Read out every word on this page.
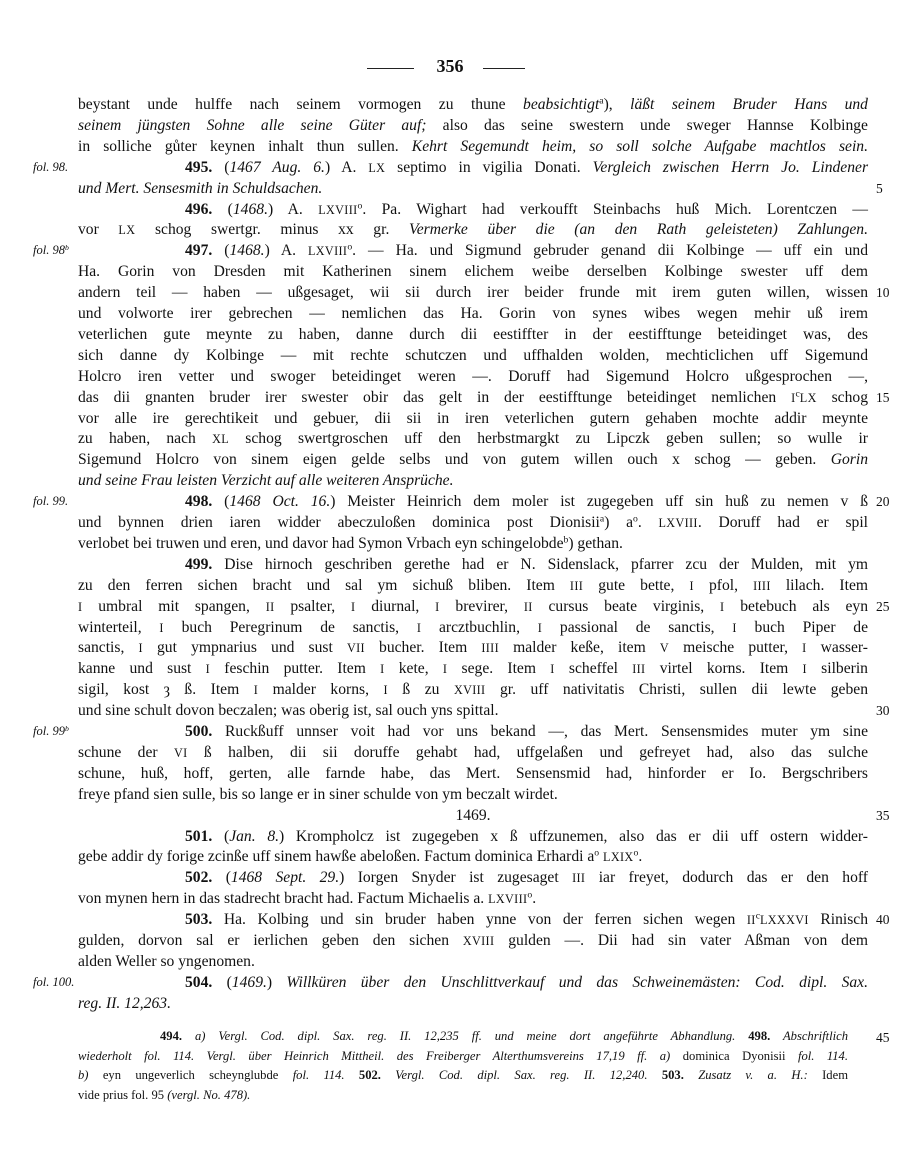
356
beystant unde hulffe nach seinem vormogen zu thune beabsichtigt$^a$), läßt seinem Bruder Hans und
seinem jüngsten Sohne alle seine Güter auf; also das seine swestern unde sweger Hannse Kolbinge
in solliche gůter keynen inhalt thun sullen. Kehrt Segemundt heim, so soll solche Aufgabe machtlos sein.
495. (1467 Aug. 6.) A. LX septimo in vigilia Donati. Vergleich zwischen Herrn Jo. Lindener
fol. 98.
und Mert. Sensesmith in Schuldsachen.	5
496. (1468.) A. LXVIII$^o$. Pa. Wighart had verkoufft Steinbachs huß Mich. Lorentczen —
vor LX schog swertgr. minus xx gr. Vermerke über die (an den Rath geleisteten) Zahlungen.
497. (1468.) A. LXVIII$^o$. — Ha. und Sigmund gebruder genand dii Kolbinge — uff ein und
fol. 98$^b$
Ha. Gorin von Dresden mit Katherinen sinem elichem weibe derselben Kolbinge swester uff dem
andern teil — haben — ußgesaget, wii sii durch irer beider frunde mit irem guten willen, wissen 10
und volworte irer gebrechen — nemlichen das Ha. Gorin von synes wibes wegen mehir uß irem
veterlichen gute meynte zu haben, danne durch dii eestiffter in der eestifftunge beteidinget was, des
sich danne dy Kolbinge — mit rechte schutczen und uffhalden wolden, mechticlichen uff Sigemund
Holcro iren vetter und swoger beteidinget weren —. Doruff had Sigemund Holcro ußgesprochen —,
das dii gnanten bruder irer swester obir das gelt in der eestifftunge beteidinget nemlichen $I^cLX$ schog 15
vor alle ire gerechtikeit und gebuer, dii sii in iren veterlichen gutern gehaben mochte addir meynte
zu haben, nach XL schog swertgroschen uff den herbstmargkt zu Lipczk geben sullen; so wulle ir
Sigemund Holcro von sinem eigen gelde selbs und von gutem willen ouch x schog — geben. Gorin
und seine Frau leisten Verzicht auf alle weiteren Ansprüche.
498. (1468 Oct. 16.) Meister Heinrich dem moler ist zugegeben uff sin huß zu nemen v ß
fol. 99.	20
und bynnen drien iaren widder abeczuloßen dominica post Dionisii$^a$) $a^o$. LXVIII. Doruff had er spil
verlobet bei truwen und eren, und davor had Symon Vrbach eyn schingelobde$^b$) gethan.
499. Dise hirnoch geschriben gerethe had er N. Sidenslack, pfarrer zcu der Mulden, mit ym
zu den ferren sichen bracht und sal ym sichuß bliben. Item III gute bette, I pfol, IIII lilach. Item
I umbral mit spangen, II psalter, I diurnal, I brevirer, II cursus beate virginis, I betebuch als eyn 25
winterteil, I buch Peregrinum de sanctis, I arcztbuchlin, I passional de sanctis, I buch Piper de
sanctis, I gut ympnarius und sust VII bucher. Item IIII malder keße, item V meische putter, I wasser-
kanne und sust I feschin putter. Item I kete, I sege. Item I scheffel III virtel korns. Item I silberin
sigil, kost ȝ ß. Item I malder korns, I ß zu XVIII gr. uff nativitatis Christi, sullen dii lewte geben
und sine schult dovon beczalen; was oberig ist, sal ouch yns spittal.	30
500. Ruckßuff unnser voit had vor uns bekand —, das Mert. Sensensmides muter ym sine
fol. 99$^b$
schune der VI ß halben, dii sii doruffe gehabt had, uffgelaßen und gefreyet had, also das sulche
schune, huß, hoff, gerten, alle farnde habe, das Mert. Sensensmid had, hinforder er Io. Bergschribers
freye pfand sien sulle, bis so lange er in siner schulde von ym beczalt wirdet.
1469.	35
501. (Jan. 8.) Krompholcz ist zugegeben x ß uffzunemen, also das er dii uff ostern widder-
gebe addir dy forige zcinße uff sinem hawße abeloßen. Factum dominica Erhardi $a^o$ LXIX$^o$.
502. (1468 Sept. 29.) Iorgen Snyder ist zugesaget III iar freyet, dodurch das er den hoff
von mynen hern in das stadrecht bracht had. Factum Michaelis a. LXVIII$^o$.
503. Ha. Kolbing und sin bruder haben ynne von der ferren sichen wegen $II^cLXXXVI$ Rinisch 40
gulden, dorvon sal er ierlichen geben den sichen XVIII gulden —. Dii had sin vater Aßman von dem
alden Weller so yngenomen.
504. (1469.) Willküren über den Unschlittverkauf und das Schweinemästen: Cod. dipl. Sax.
fol. 100.
reg. II. 12,263.
494. a) Vergl. Cod. dipl. Sax. reg. II. 12,235 ff. und meine dort angeführte Abhandlung. 498. Abschriftlich 45
wiederholt fol. 114. Vergl. über Heinrich Mittheil. des Freiberger Alterthumsvereins 17,19 ff. a) dominica Dyonisii fol. 114.
b) eyn ungeverlich scheynglubde fol. 114. 502. Vergl. Cod. dipl. Sax. reg. II. 12,240. 503. Zusatz v. a. H.: Idem
vide prius fol. 95 (vergl. No. 478).
